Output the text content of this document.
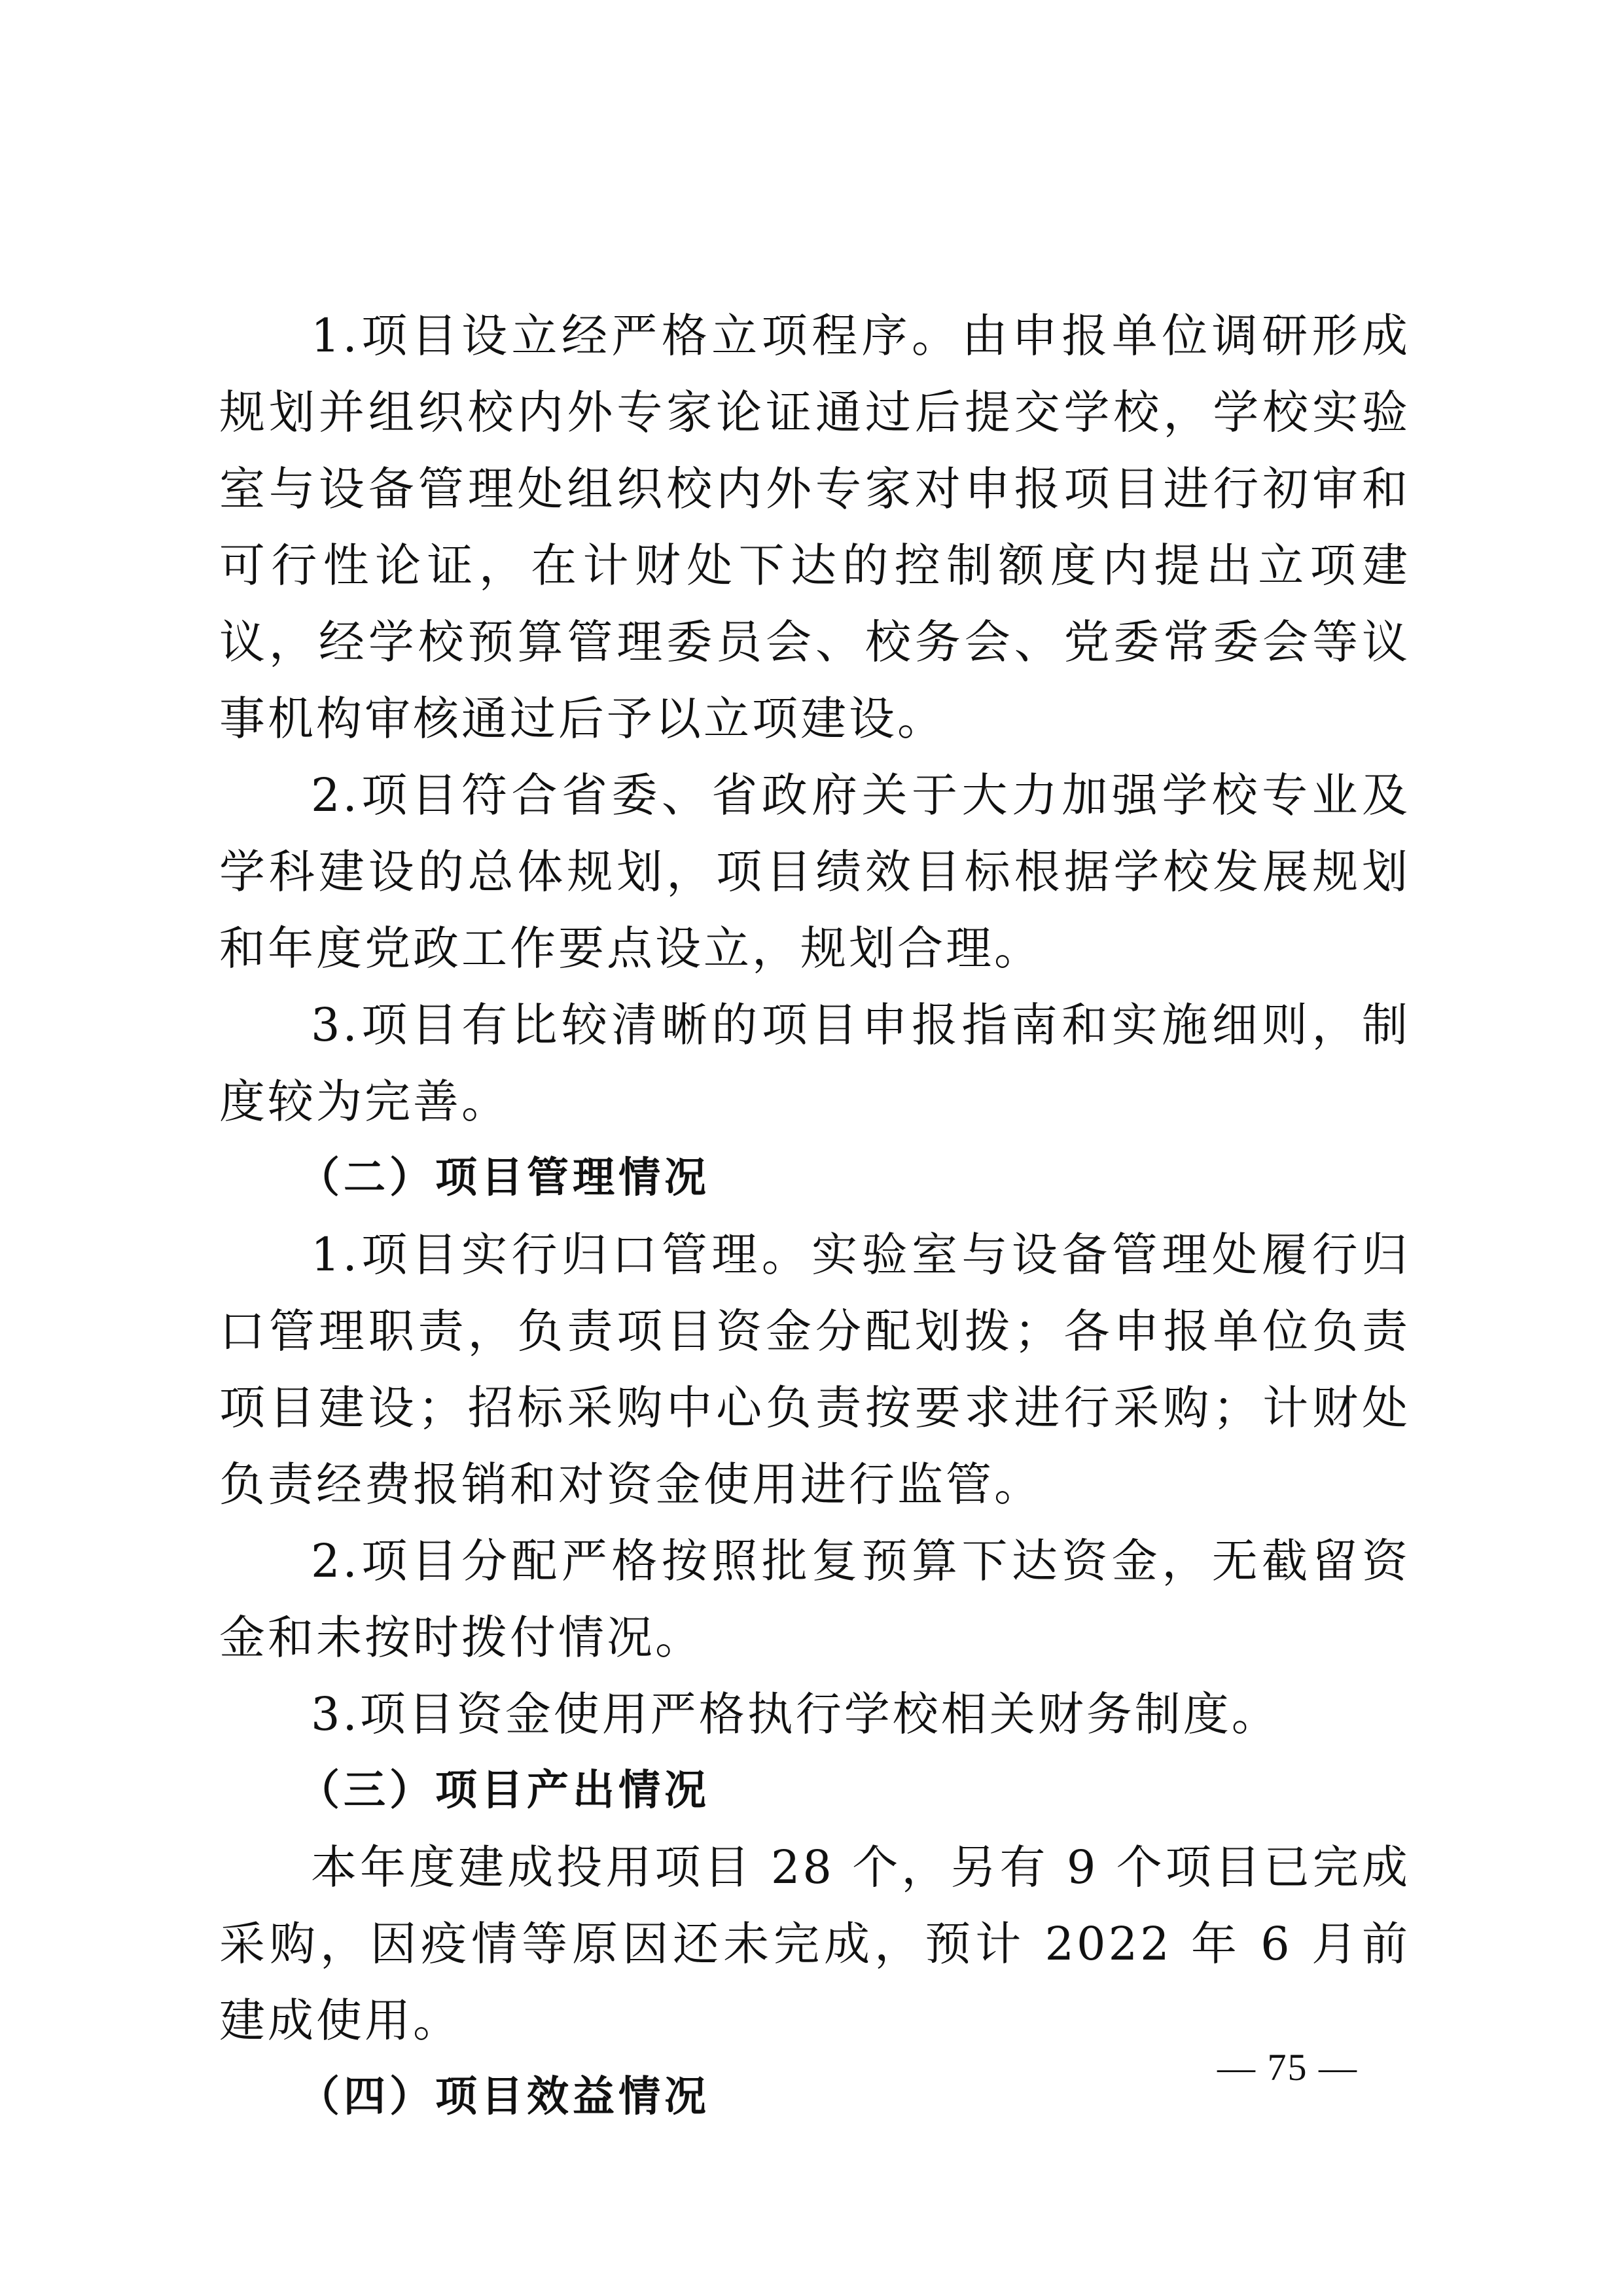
1.项目设立经严格立项程序。由申报单位调研形成规划并组织校内外专家论证通过后提交学校，学校实验室与设备管理处组织校内外专家对申报项目进行初审和可行性论证，在计财处下达的控制额度内提出立项建议，经学校预算管理委员会、校务会、党委常委会等议事机构审核通过后予以立项建设。

2.项目符合省委、省政府关于大力加强学校专业及学科建设的总体规划，项目绩效目标根据学校发展规划和年度党政工作要点设立，规划合理。

3.项目有比较清晰的项目申报指南和实施细则，制度较为完善。

（二）项目管理情况

1.项目实行归口管理。实验室与设备管理处履行归口管理职责，负责项目资金分配划拨；各申报单位负责项目建设；招标采购中心负责按要求进行采购；计财处负责经费报销和对资金使用进行监管。

2.项目分配严格按照批复预算下达资金，无截留资金和未按时拨付情况。

3.项目资金使用严格执行学校相关财务制度。

（三）项目产出情况

本年度建成投用项目 28 个，另有 9 个项目已完成采购，因疫情等原因还未完成，预计 2022 年 6 月前建成使用。

（四）项目效益情况
— 75 —
